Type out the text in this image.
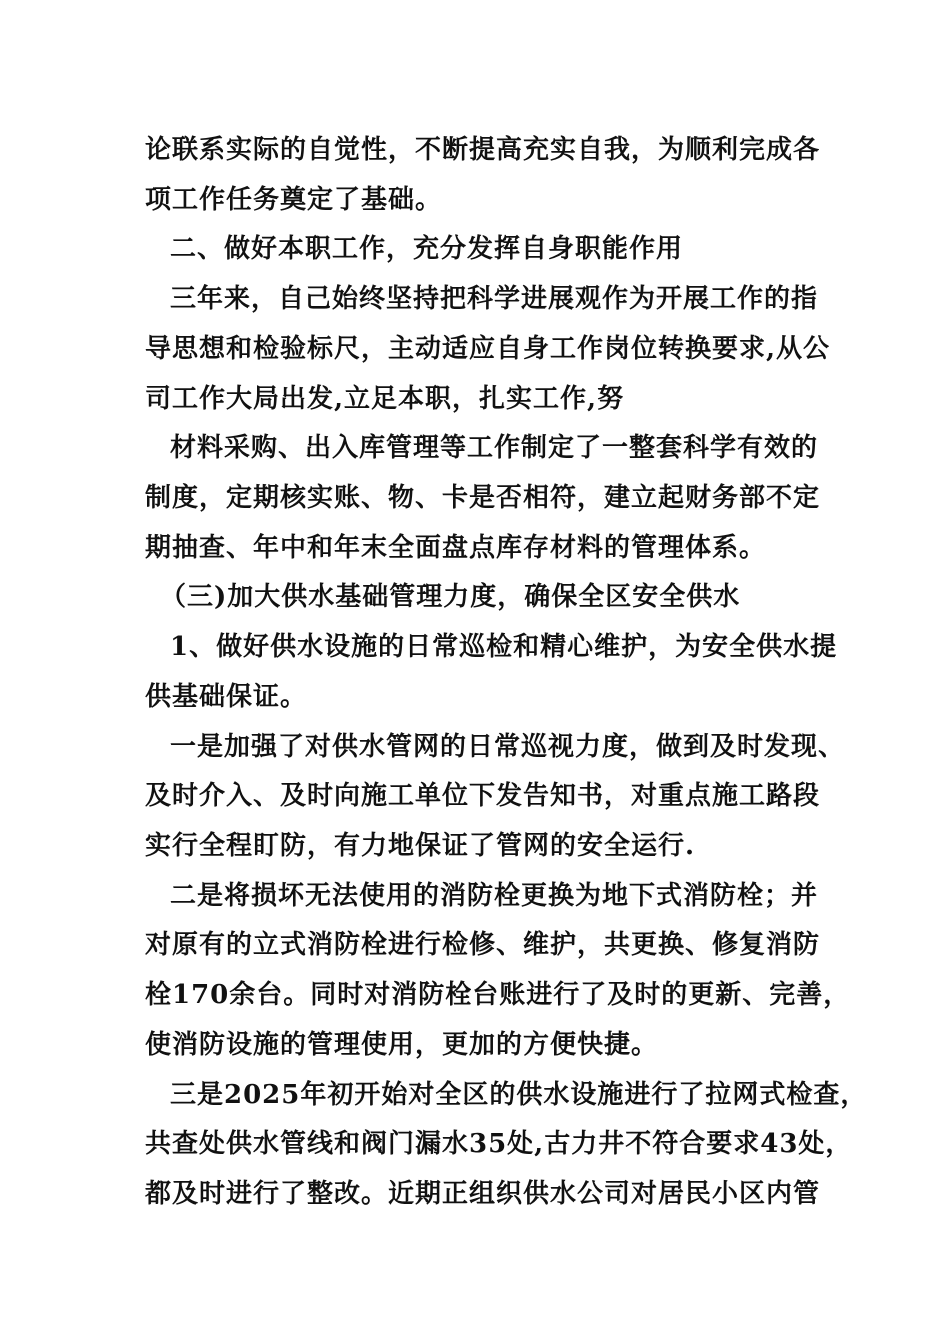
论联系实际的自觉性，不断提高充实自我，为顺利完成各
项工作任务奠定了基础。
二、做好本职工作，充分发挥自身职能作用
三年来，自己始终坚持把科学进展观作为开展工作的指
导思想和检验标尺，主动适应自身工作岗位转换要求,从公
司工作大局出发,立足本职，扎实工作,努
材料采购、出入库管理等工作制定了一整套科学有效的
制度，定期核实账、物、卡是否相符，建立起财务部不定
期抽查、年中和年末全面盘点库存材料的管理体系。
（三)加大供水基础管理力度，确保全区安全供水
1、做好供水设施的日常巡检和精心维护，为安全供水提
供基础保证。
一是加强了对供水管网的日常巡视力度，做到及时发现、
及时介入、及时向施工单位下发告知书，对重点施工路段
实行全程盯防，有力地保证了管网的安全运行.
二是将损坏无法使用的消防栓更换为地下式消防栓；并
对原有的立式消防栓进行检修、维护，共更换、修复消防
栓170余台。同时对消防栓台账进行了及时的更新、完善，
使消防设施的管理使用，更加的方便快捷。
三是2025年初开始对全区的供水设施进行了拉网式检查，
共查处供水管线和阀门漏水35处,古力井不符合要求43处，
都及时进行了整改。近期正组织供水公司对居民小区内管
